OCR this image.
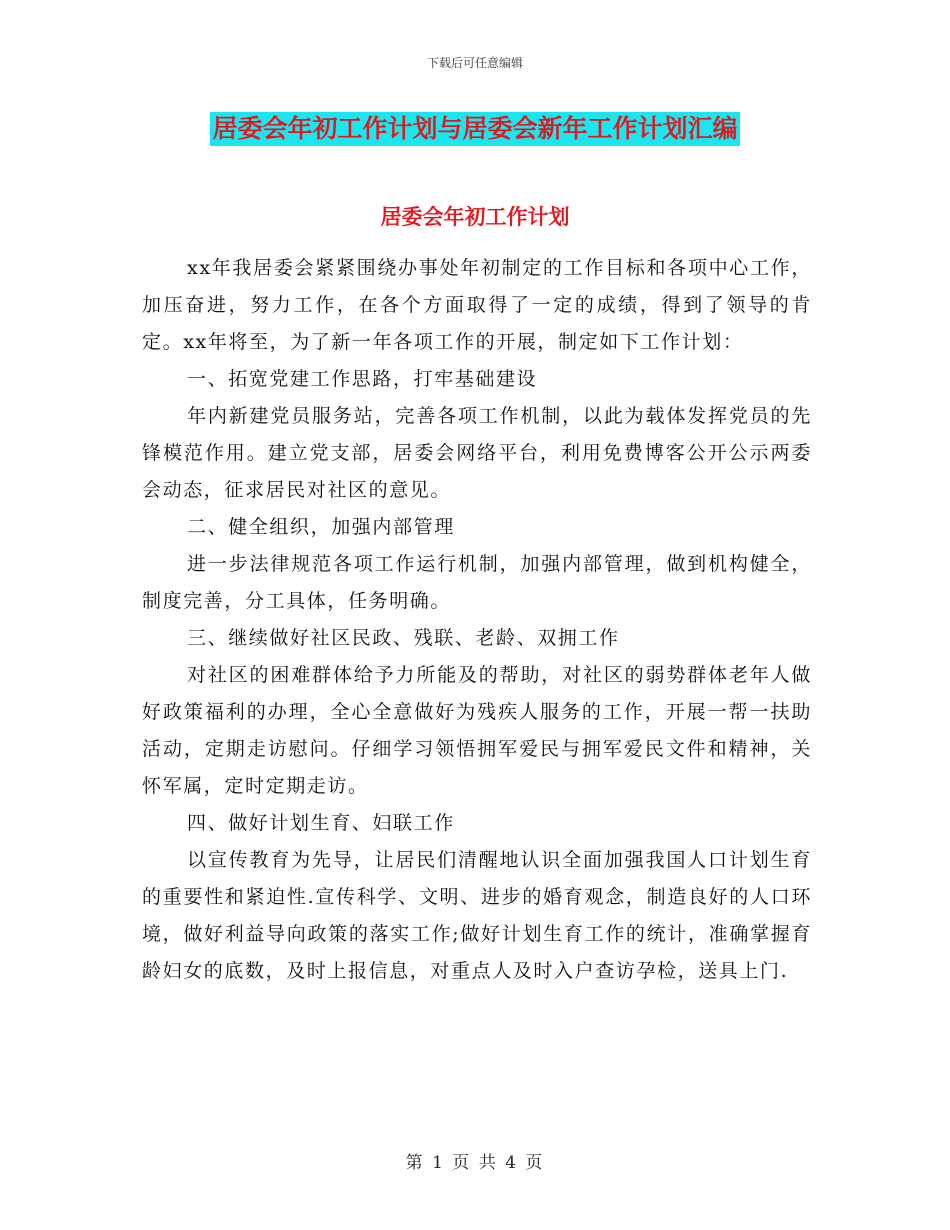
下载后可任意编辑
居委会年初工作计划与居委会新年工作计划汇编
居委会年初工作计划

xx年我居委会紧紧围绕办事处年初制定的工作目标和各项中心工作，加压奋进，努力工作，在各个方面取得了一定的成绩，得到了领导的肯定。xx年将至，为了新一年各项工作的开展，制定如下工作计划：

一、拓宽党建工作思路，打牢基础建设

年内新建党员服务站，完善各项工作机制，以此为载体发挥党员的先锋模范作用。建立党支部，居委会网络平台，利用免费博客公开公示两委会动态，征求居民对社区的意见。

二、健全组织，加强内部管理

进一步法律规范各项工作运行机制，加强内部管理，做到机构健全，制度完善，分工具体，任务明确。

三、继续做好社区民政、残联、老龄、双拥工作

对社区的困难群体给予力所能及的帮助，对社区的弱势群体老年人做好政策福利的办理，全心全意做好为残疾人服务的工作，开展一帮一扶助活动，定期走访慰问。仔细学习领悟拥军爱民与拥军爱民文件和精神，关怀军属，定时定期走访。

四、做好计划生育、妇联工作

以宣传教育为先导，让居民们清醒地认识全面加强我国人口计划生育的重要性和紧迫性.宣传科学、文明、进步的婚育观念，制造良好的人口环境，做好利益导向政策的落实工作;做好计划生育工作的统计，准确掌握育龄妇女的底数，及时上报信息，对重点人及时入户查访孕检，送具上门.

第 1 页 共 4 页
